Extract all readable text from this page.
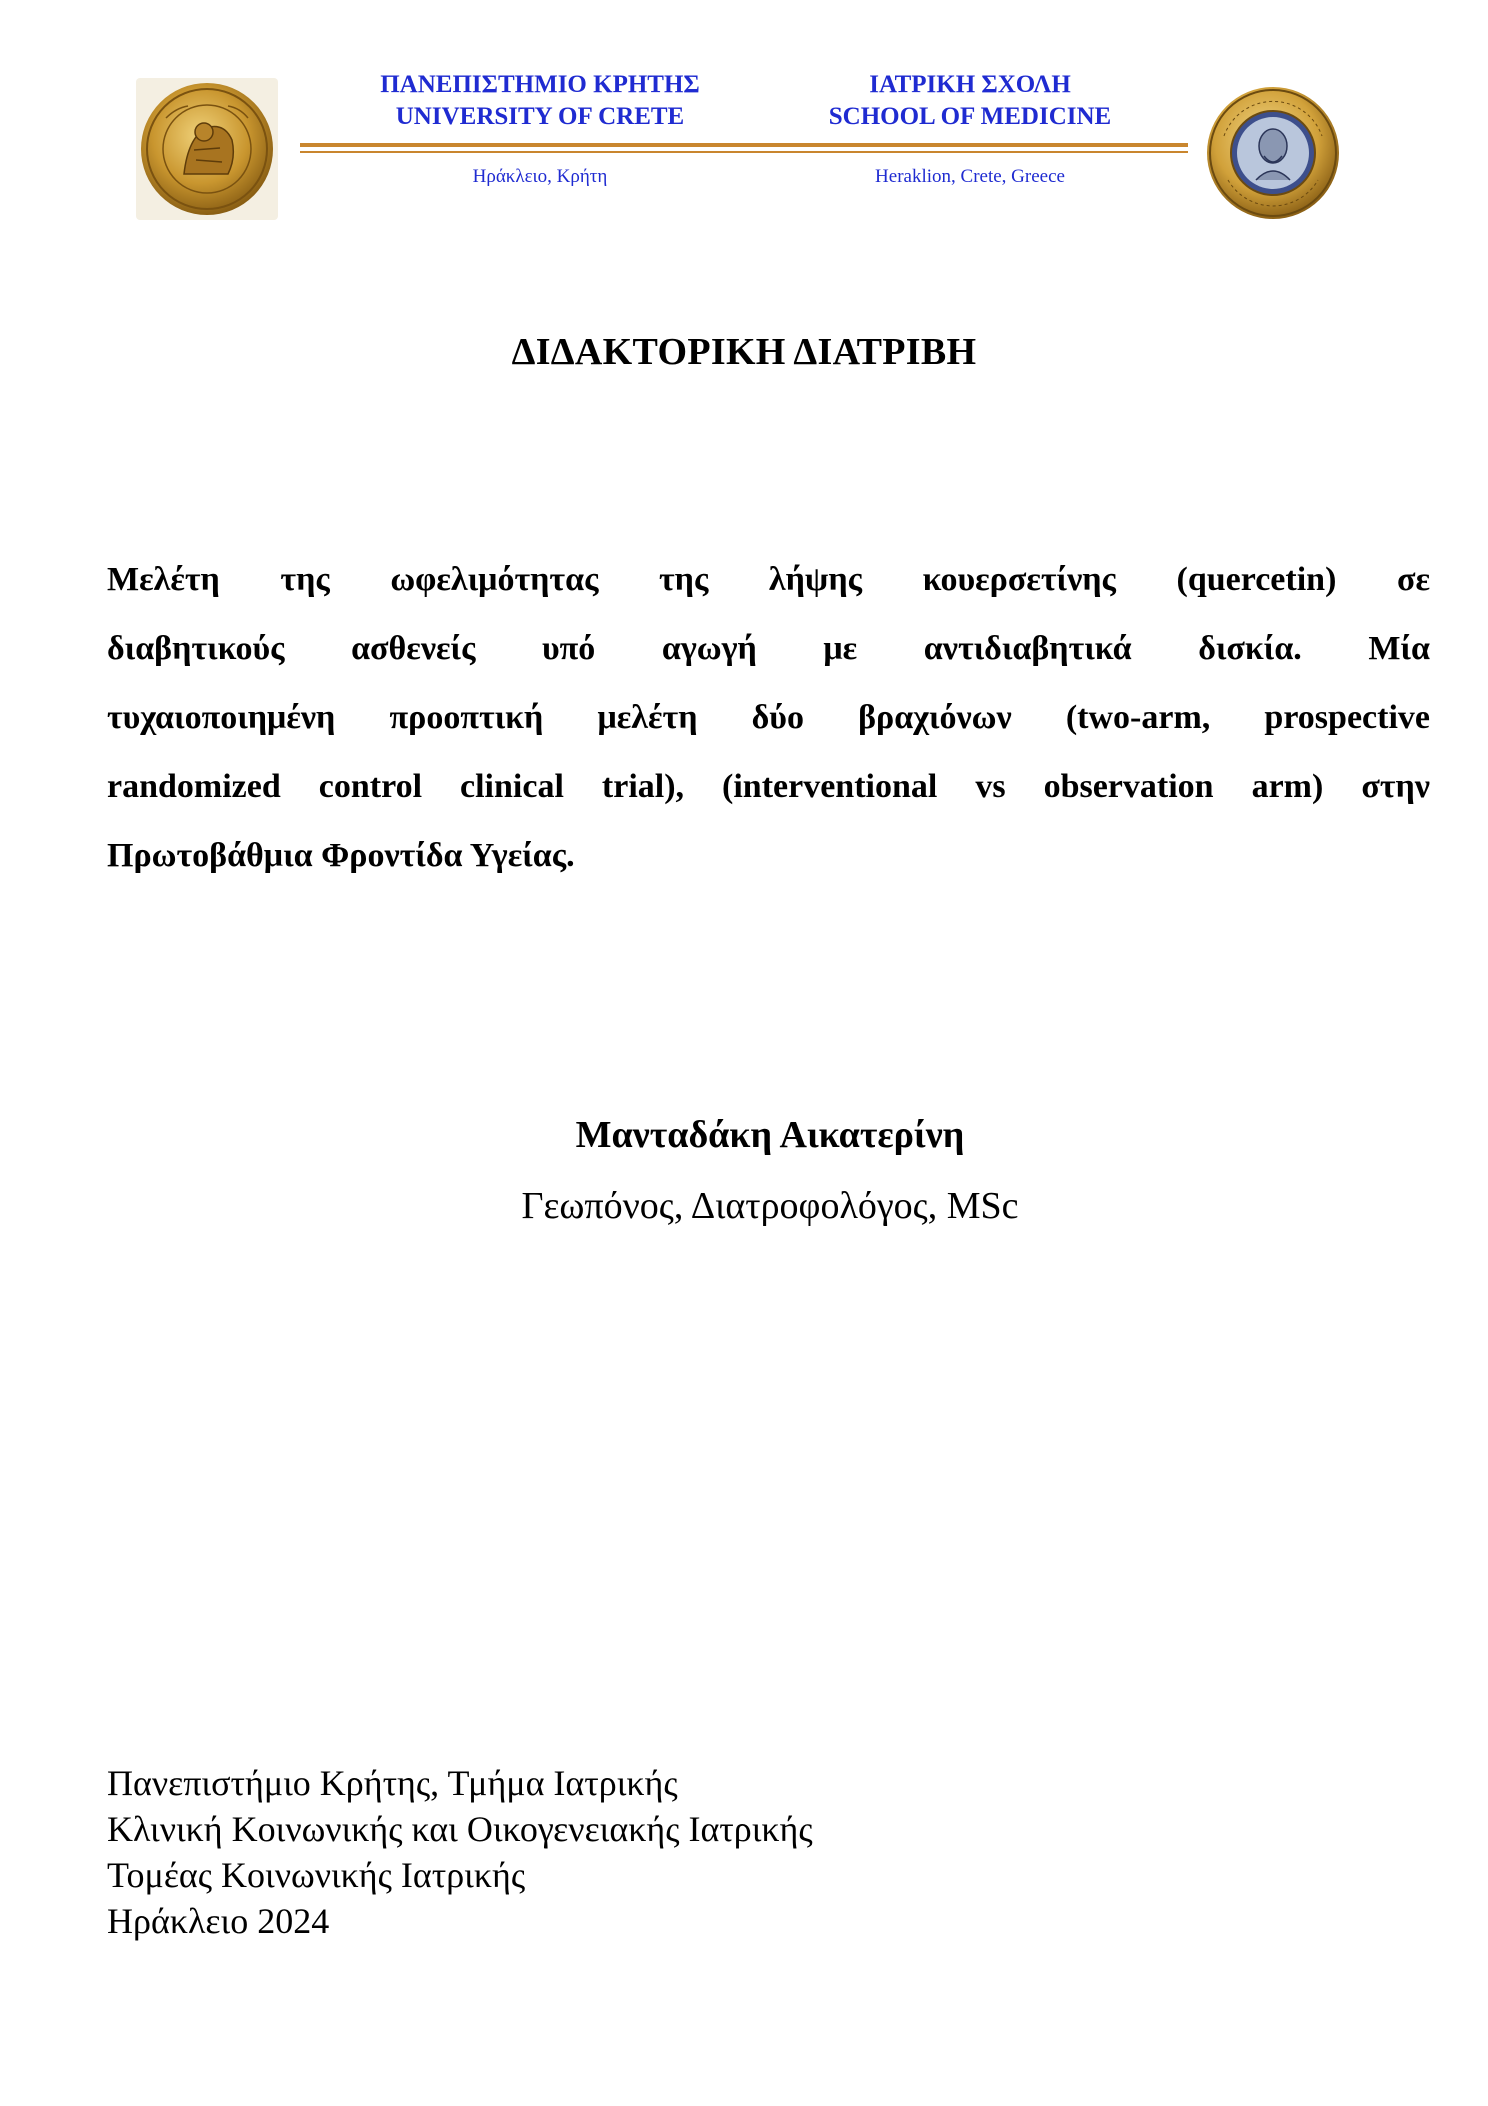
ΠΑΝΕΠΙΣΤΗΜΙΟ ΚΡΗΤΗΣ
UNIVERSITY OF CRETE
ΙΑΤΡΙΚΗ ΣΧΟΛΗ
SCHOOL OF MEDICINE
Ηράκλειο, Κρήτη	Heraklion, Crete, Greece
ΔΙΔΑΚΤΟΡΙΚΗ ΔΙΑΤΡΙΒΗ
Μελέτη της ωφελιμότητας της λήψης κουερσετίνης (quercetin) σε
διαβητικούς ασθενείς υπό αγωγή με αντιδιαβητικά δισκία. Μία
τυχαιοποιημένη προοπτική μελέτη δύο βραχιόνων (two-arm, prospective
randomized control clinical trial), (interventional vs observation arm) στην
Πρωτοβάθμια Φροντίδα Υγείας.
Μανταδάκη Αικατερίνη
Γεωπόνος, Διατροφολόγος, MSc
Πανεπιστήμιο Κρήτης, Τμήμα Ιατρικής
Κλινική Κοινωνικής και Οικογενειακής Ιατρικής
Τομέας Κοινωνικής Ιατρικής
Ηράκλειο 2024
